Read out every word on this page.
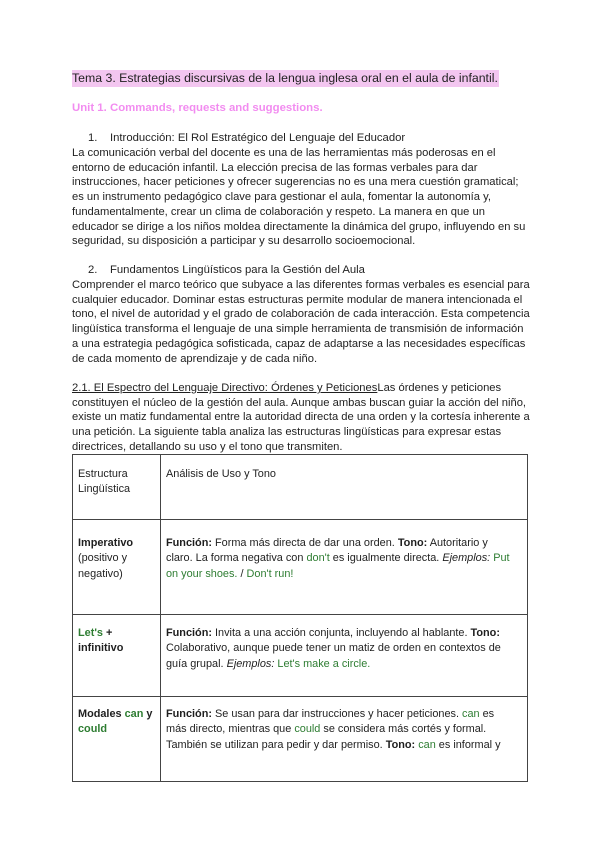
Tema 3. Estrategias discursivas de la lengua inglesa oral en el aula de infantil.
Unit 1. Commands, requests and suggestions.
1. Introducción: El Rol Estratégico del Lenguaje del Educador
La comunicación verbal del docente es una de las herramientas más poderosas en el
entorno de educación infantil. La elección precisa de las formas verbales para dar
instrucciones, hacer peticiones y ofrecer sugerencias no es una mera cuestión gramatical;
es un instrumento pedagógico clave para gestionar el aula, fomentar la autonomía y,
fundamentalmente, crear un clima de colaboración y respeto. La manera en que un
educador se dirige a los niños moldea directamente la dinámica del grupo, influyendo en su
seguridad, su disposición a participar y su desarrollo socioemocional.
2. Fundamentos Lingüísticos para la Gestión del Aula
Comprender el marco teórico que subyace a las diferentes formas verbales es esencial para
cualquier educador. Dominar estas estructuras permite modular de manera intencionada el
tono, el nivel de autoridad y el grado de colaboración de cada interacción. Esta competencia
lingüística transforma el lenguaje de una simple herramienta de transmisión de información
a una estrategia pedagógica sofisticada, capaz de adaptarse a las necesidades específicas
de cada momento de aprendizaje y de cada niño.
2.1. El Espectro del Lenguaje Directivo: Órdenes y PeticionesLas órdenes y peticiones
constituyen el núcleo de la gestión del aula. Aunque ambas buscan guiar la acción del niño,
existe un matiz fundamental entre la autoridad directa de una orden y la cortesía inherente a
una petición. La siguiente tabla analiza las estructuras lingüísticas para expresar estas
directrices, detallando su uso y el tono que transmiten.
Estructura
Lingüística	Análisis de Uso y Tono

Imperativo
(positivo y
negativo)	Función: Forma más directa de dar una orden. Tono: Autoritario y
claro. La forma negativa con don't es igualmente directa. Ejemplos: Put
on your shoes. / Don't run!

Let's +
infinitivo	Función: Invita a una acción conjunta, incluyendo al hablante. Tono:
Colaborativo, aunque puede tener un matiz de orden en contextos de
guía grupal. Ejemplos: Let's make a circle.

Modales can y
could	Función: Se usan para dar instrucciones y hacer peticiones. can es
más directo, mientras que could se considera más cortés y formal.
También se utilizan para pedir y dar permiso. Tono: can es informal y
